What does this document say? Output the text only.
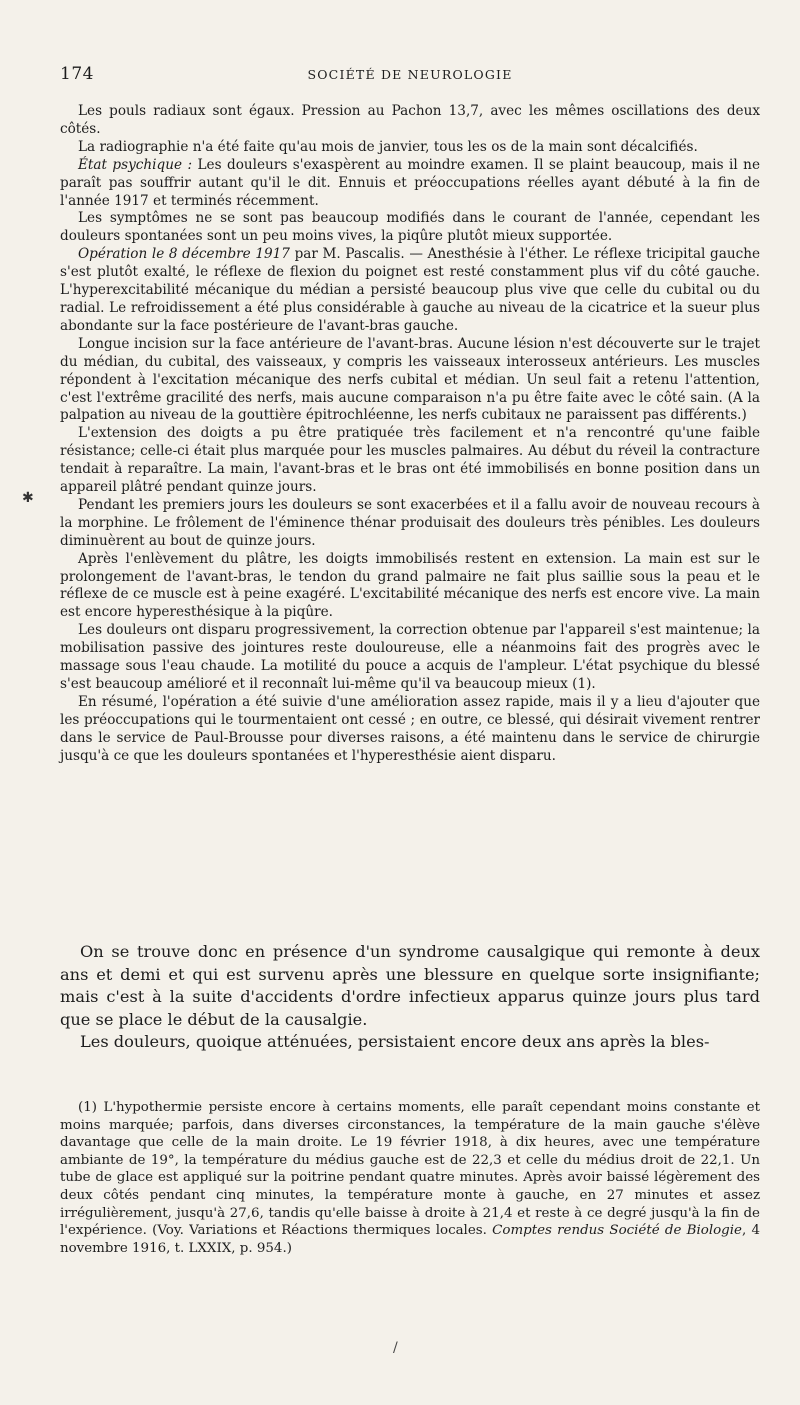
174	SOCIÉTÉ DE NEUROLOGIE
✱

Les pouls radiaux sont égaux. Pression au Pachon 13,7, avec les mêmes oscillations des deux côtés.

La radiographie n'a été faite qu'au mois de janvier, tous les os de la main sont décalcifiés.

État psychique : Les douleurs s'exaspèrent au moindre examen. Il se plaint beaucoup, mais il ne paraît pas souffrir autant qu'il le dit. Ennuis et préoccupations réelles ayant débuté à la fin de l'année 1917 et terminés récemment.

Les symptômes ne se sont pas beaucoup modifiés dans le courant de l'année, cependant les douleurs spontanées sont un peu moins vives, la piqûre plutôt mieux supportée.

Opération le 8 décembre 1917 par M. Pascalis. — Anesthésie à l'éther. Le réflexe tricipital gauche s'est plutôt exalté, le réflexe de flexion du poignet est resté constamment plus vif du côté gauche. L'hyperexcitabilité mécanique du médian a persisté beaucoup plus vive que celle du cubital ou du radial. Le refroidissement a été plus considérable à gauche au niveau de la cicatrice et la sueur plus abondante sur la face postérieure de l'avant-bras gauche.

Longue incision sur la face antérieure de l'avant-bras. Aucune lésion n'est découverte sur le trajet du médian, du cubital, des vaisseaux, y compris les vaisseaux interosseux antérieurs. Les muscles répondent à l'excitation mécanique des nerfs cubital et médian. Un seul fait a retenu l'attention, c'est l'extrême gracilité des nerfs, mais aucune comparaison n'a pu être faite avec le côté sain. (A la palpation au niveau de la gouttière épitrochléenne, les nerfs cubitaux ne paraissent pas différents.)

L'extension des doigts a pu être pratiquée très facilement et n'a rencontré qu'une faible résistance; celle-ci était plus marquée pour les muscles palmaires. Au début du réveil la contracture tendait à reparaître. La main, l'avant-bras et le bras ont été immobilisés en bonne position dans un appareil plâtré pendant quinze jours.

Pendant les premiers jours les douleurs se sont exacerbées et il a fallu avoir de nouveau recours à la morphine. Le frôlement de l'éminence thénar produisait des douleurs très pénibles. Les douleurs diminuèrent au bout de quinze jours.

Après l'enlèvement du plâtre, les doigts immobilisés restent en extension. La main est sur le prolongement de l'avant-bras, le tendon du grand palmaire ne fait plus saillie sous la peau et le réflexe de ce muscle est à peine exagéré. L'excitabilité mécanique des nerfs est encore vive. La main est encore hyperesthésique à la piqûre.

Les douleurs ont disparu progressivement, la correction obtenue par l'appareil s'est maintenue; la mobilisation passive des jointures reste douloureuse, elle a néanmoins fait des progrès avec le massage sous l'eau chaude. La motilité du pouce a acquis de l'ampleur. L'état psychique du blessé s'est beaucoup amélioré et il reconnaît lui-même qu'il va beaucoup mieux (1).

En résumé, l'opération a été suivie d'une amélioration assez rapide, mais il y a lieu d'ajouter que les préoccupations qui le tourmentaient ont cessé ; en outre, ce blessé, qui désirait vivement rentrer dans le service de Paul-Brousse pour diverses raisons, a été maintenu dans le service de chirurgie jusqu'à ce que les douleurs spontanées et l'hyperesthésie aient disparu.

On se trouve donc en présence d'un syndrome causalgique qui remonte à deux ans et demi et qui est survenu après une blessure en quelque sorte insignifiante; mais c'est à la suite d'accidents d'ordre infectieux apparus quinze jours plus tard que se place le début de la causalgie.

Les douleurs, quoique atténuées, persistaient encore deux ans après la bles-

(1) L'hypothermie persiste encore à certains moments, elle paraît cependant moins constante et moins marquée; parfois, dans diverses circonstances, la température de la main gauche s'élève davantage que celle de la main droite. Le 19 février 1918, à dix heures, avec une température ambiante de 19°, la température du médius gauche est de 22,3 et celle du médius droit de 22,1. Un tube de glace est appliqué sur la poitrine pendant quatre minutes. Après avoir baissé légèrement des deux côtés pendant cinq minutes, la température monte à gauche, en 27 minutes et assez irrégulièrement, jusqu'à 27,6, tandis qu'elle baisse à droite à 21,4 et reste à ce degré jusqu'à la fin de l'expérience. (Voy. Variations et Réactions thermiques locales. Comptes rendus Société de Biologie, 4 novembre 1916, t. LXXIX, p. 954.)

/
